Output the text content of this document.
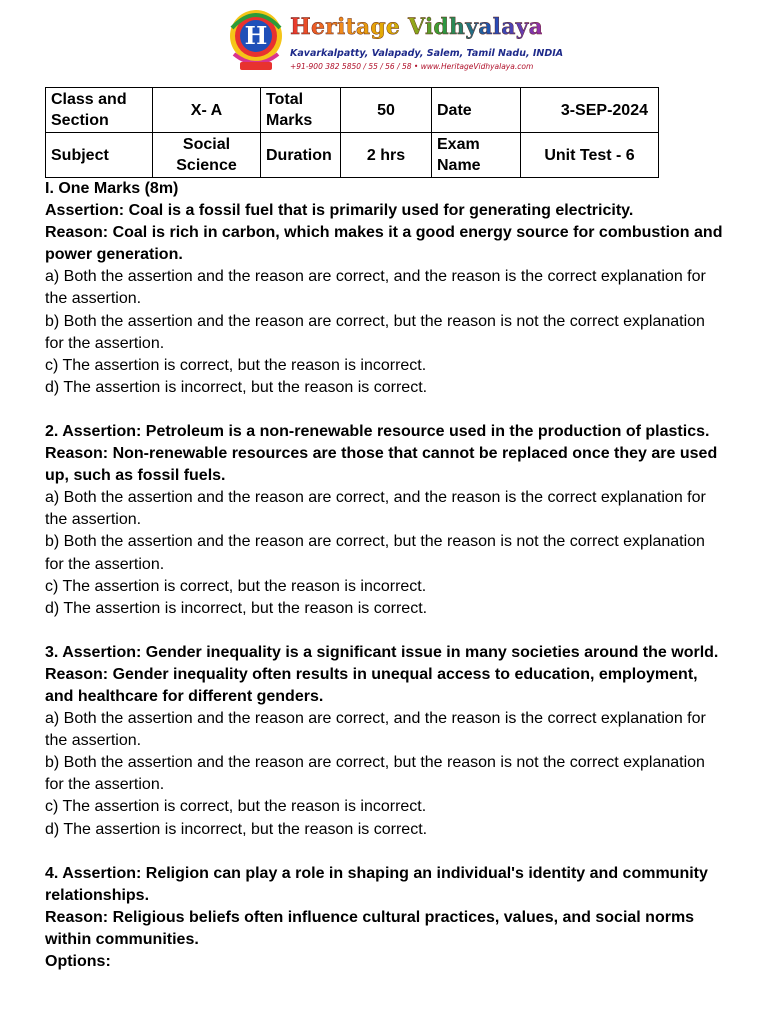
H Heritage Vidhyalaya
Kavarkalpatty, Valapady, Salem, Tamil Nadu, INDIA
+91-900 382 5850 / 55 / 56 / 58 • www.HeritageVidhyalaya.com
Class and Section	X- A	Total Marks	50	Date	3-SEP-2024
Subject	Social Science	Duration	2 hrs	Exam Name	Unit Test - 6

I. One Marks (8m)

Assertion: Coal is a fossil fuel that is primarily used for generating electricity.

Reason: Coal is rich in carbon, which makes it a good energy source for combustion and power generation.

a) Both the assertion and the reason are correct, and the reason is the correct explanation for the assertion.

b) Both the assertion and the reason are correct, but the reason is not the correct explanation for the assertion.

c) The assertion is correct, but the reason is incorrect.

d) The assertion is incorrect, but the reason is correct.

2. Assertion: Petroleum is a non-renewable resource used in the production of plastics.

Reason: Non-renewable resources are those that cannot be replaced once they are used up, such as fossil fuels.

a) Both the assertion and the reason are correct, and the reason is the correct explanation for the assertion.

b) Both the assertion and the reason are correct, but the reason is not the correct explanation for the assertion.

c) The assertion is correct, but the reason is incorrect.

d) The assertion is incorrect, but the reason is correct.

3. Assertion: Gender inequality is a significant issue in many societies around the world.

Reason: Gender inequality often results in unequal access to education, employment, and healthcare for different genders.

a) Both the assertion and the reason are correct, and the reason is the correct explanation for the assertion.

b) Both the assertion and the reason are correct, but the reason is not the correct explanation for the assertion.

c) The assertion is correct, but the reason is incorrect.

d) The assertion is incorrect, but the reason is correct.

4. Assertion: Religion can play a role in shaping an individual's identity and community relationships.

Reason: Religious beliefs often influence cultural practices, values, and social norms within communities.

Options:
